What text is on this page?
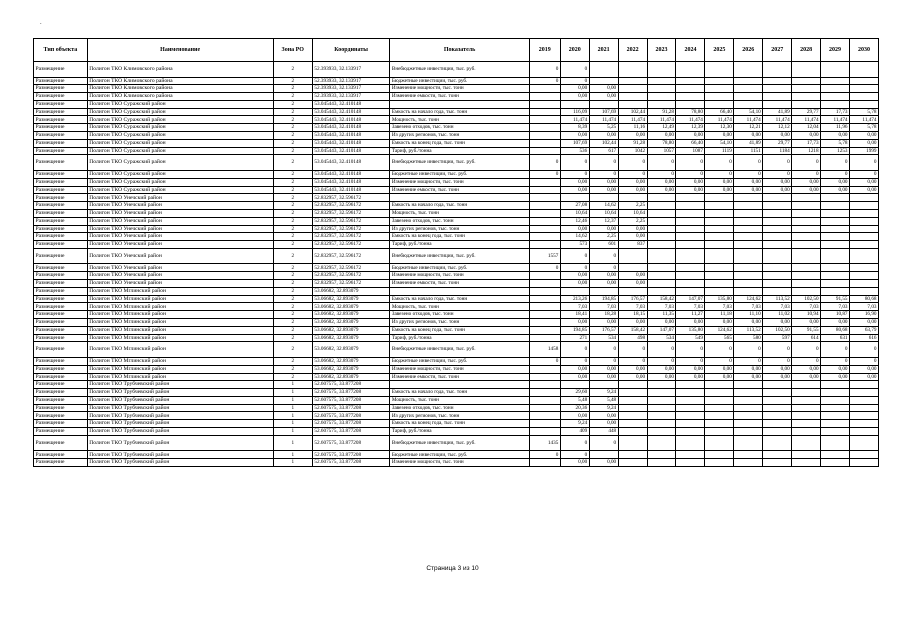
.
Тип объекта	Наименование	Зона РО	Координаты	Показатель	2019	2020	2021	2022	2023	2024	2025	2026	2027	2028	2029	2030
Размещение	Полигон ТКО Климовского района	2	52.393933, 32.133917	Внебюджетные инвестиции, тыс. руб.	0	0										
Размещение	Полигон ТКО Климовского района	2	52.393933, 32.133917	Бюджетные инвестиции, тыс. руб.	0	0										
Размещение	Полигон ТКО Климовского района	2	52.393933, 32.133917	Изменение мощности, тыс. тонн		0,00	0,00									
Размещение	Полигон ТКО Климовского района	2	52.393933, 32.133917	Изменение емкости, тыс. тонн		0,00	0,00									
Размещение	Полигон ТКО Суражский район	2	53.045443, 32.410148													
Размещение	Полигон ТКО Суражский район	2	53.045443, 32.410148	Емкость на начало года, тыс. тонн		116,09	107,69	102,44	91,28	78,80	66,40	54,10	41,89	29,77	17,73	5,78
Размещение	Полигон ТКО Суражский район	2	53.045443, 32.410148	Мощность, тыс. тонн		11,474	11,474	11,474	11,474	11,474	11,474	11,474	11,474	11,474	11,474	11,474
Размещение	Полигон ТКО Суражский район	2	53.045443, 32.410148	Завезено отходов, тыс. тонн		8,39	5,25	11,16	12,49	12,39	12,30	12,21	12,12	12,04	11,96	5,78
Размещение	Полигон ТКО Суражский район	2	53.045443, 32.410148	Из других регионов, тыс. тонн		0,00	0,00	0,00	0,00	0,00	0,00	0,00	0,00	0,00	0,00	0,00
Размещение	Полигон ТКО Суражский район	2	53.045443, 32.410148	Емкость на конец года, тыс. тонн		107,69	102,44	91,28	78,80	66,40	54,10	41,89	29,77	17,73	5,78	0,00
Размещение	Полигон ТКО Суражский район	2	53.045443, 32.410148	Тариф, руб./тонна		536	617	1042	1057	1087	1119	1151	1184	1218	1253	1999
Размещение	Полигон ТКО Суражский район	2	53.045443, 32.410148	Внебюджетные инвестиции, тыс. руб.	0	0	0	0	0	0	0	0	0	0	0	0
Размещение	Полигон ТКО Суражский район	2	53.045443, 32.410148	Бюджетные инвестиции, тыс. руб.	0	0	0	0	0	0	0	0	0	0	0	0
Размещение	Полигон ТКО Суражский район	2	53.045443, 32.410148	Изменение мощности, тыс. тонн		0,00	0,00	0,00	0,00	0,00	0,00	0,00	0,00	0,00	0,00	0,00
Размещение	Полигон ТКО Суражский район	2	53.045443, 32.410148	Изменение емкости, тыс. тонн		0,00	0,00	0,00	0,00	0,00	0,00	0,00	0,00	0,00	0,00	0,00
Размещение	Полигон ТКО Унечский район	2	52.832957, 32.596172													
Размещение	Полигон ТКО Унечский район	2	52.832957, 32.596172	Емкость на начало года, тыс. тонн		27,08	14,62	2,25								
Размещение	Полигон ТКО Унечский район	2	52.832957, 32.596172	Мощность, тыс. тонн		10,64	10,64	10,64								
Размещение	Полигон ТКО Унечский район	2	52.832957, 32.596172	Завезено отходов, тыс. тонн		12,46	12,37	2,25								
Размещение	Полигон ТКО Унечский район	2	52.832957, 32.596172	Из других регионов, тыс. тонн		0,00	0,00	0,00								
Размещение	Полигон ТКО Унечский район	2	52.832957, 32.596172	Емкость на конец года, тыс. тонн		14,62	2,25	0,00								
Размещение	Полигон ТКО Унечский район	2	52.832957, 32.596172	Тариф, руб./тонна		573	601	837								
Размещение	Полигон ТКО Унечский район	2	52.832957, 32.596172	Внебюджетные инвестиции, тыс. руб.	1557	0	0									
Размещение	Полигон ТКО Унечский район	2	52.832957, 32.596172	Бюджетные инвестиции, тыс. руб.	0	0	0									
Размещение	Полигон ТКО Унечский район	2	52.832957, 32.596172	Изменение мощности, тыс. тонн		0,00	0,00	0,00								
Размещение	Полигон ТКО Унечский район	2	52.832957, 32.596172	Изменение емкости, тыс. тонн		0,00	0,00	0,00								
Размещение	Полигон ТКО Мглинский район	2	53.06682, 32.893079													
Размещение	Полигон ТКО Мглинский район	2	53.06682, 32.893079	Емкость на начало года, тыс. тонн		213,26	194,85	176,57	158,42	147,07	135,80	124,62	113,52	102,50	91,55	80,68
Размещение	Полигон ТКО Мглинский район	2	53.06682, 32.893079	Мощность, тыс. тонн		7,03	7,03	7,03	7,03	7,03	7,03	7,03	7,03	7,03	7,03	7,03
Размещение	Полигон ТКО Мглинский район	2	53.06682, 32.893079	Завезено отходов, тыс. тонн		18,41	18,28	18,15	11,35	11,27	11,18	11,10	11,02	10,94	10,87	16,90
Размещение	Полигон ТКО Мглинский район	2	53.06682, 32.893079	Из других регионов, тыс. тонн		0,00	0,00	0,00	0,00	0,00	0,00	0,00	0,00	0,00	0,00	0,00
Размещение	Полигон ТКО Мглинский район	2	53.06682, 32.893079	Емкость на конец года, тыс. тонн		194,85	176,57	158,42	147,07	135,80	124,62	113,52	102,50	91,55	80,68	63,79
Размещение	Полигон ТКО Мглинский район	2	53.06682, 32.893079	Тариф, руб./тонна		271	534	498	534	549	565	580	597	614	631	616
Размещение	Полигон ТКО Мглинский район	2	53.06682, 32.893079	Внебюджетные инвестиции, тыс. руб.	1458	0	0	0	0	0	0	0	0	0	0	0
Размещение	Полигон ТКО Мглинский район	2	53.06682, 32.893079	Бюджетные инвестиции, тыс. руб.	0	0	0	0	0	0	0	0	0	0	0	0
Размещение	Полигон ТКО Мглинский район	2	53.06682, 32.893079	Изменение мощности, тыс. тонн		0,00	0,00	0,00	0,00	0,00	0,00	0,00	0,00	0,00	0,00	0,00
Размещение	Полигон ТКО Мглинский район	2	53.06682, 32.893079	Изменение емкости, тыс. тонн		0,00	0,00	0,00	0,00	0,00	0,00	0,00	0,00	0,00	0,00	0,00
Размещение	Полигон ТКО Трубчевский район	1	52.607575, 33.877208													
Размещение	Полигон ТКО Трубчевский район	1	52.607575, 33.877208	Емкость на начало года, тыс. тонн		29,60	9,24									
Размещение	Полигон ТКО Трубчевский район	1	52.607575, 33.877208	Мощность, тыс. тонн		5,48	5,48									
Размещение	Полигон ТКО Трубчевский район	1	52.607575, 33.877208	Завезено отходов, тыс. тонн		20,36	9,24									
Размещение	Полигон ТКО Трубчевский район	1	52.607575, 33.877208	Из других регионов, тыс. тонн		0,00	0,00									
Размещение	Полигон ТКО Трубчевский район	1	52.607575, 33.877208	Емкость на конец года, тыс. тонн		9,24	0,00									
Размещение	Полигон ТКО Трубчевский район	1	52.607575, 33.877208	Тариф, руб./тонна		409	448									
Размещение	Полигон ТКО Трубчевский район	1	52.607575, 33.877208	Внебюджетные инвестиции, тыс. руб.	1435	0	0									
Размещение	Полигон ТКО Трубчевский район	1	52.607575, 33.877208	Бюджетные инвестиции, тыс. руб.	0	0										
Размещение	Полигон ТКО Трубчевский район	1	52.607575, 33.877208	Изменение мощности, тыс. тонн		0,00	0,00									
Страница 3 из 10
